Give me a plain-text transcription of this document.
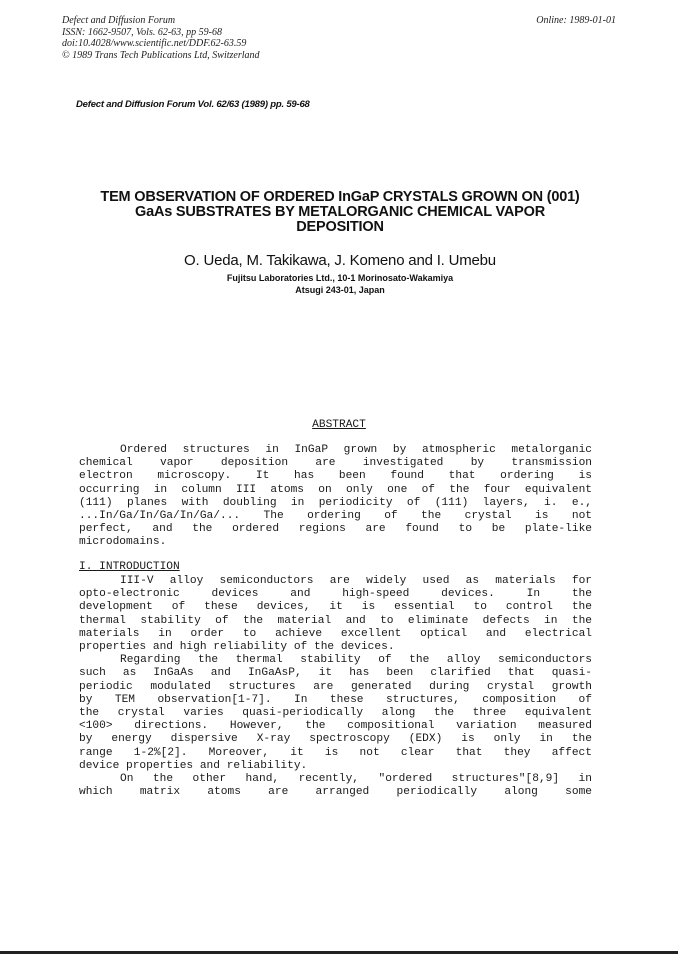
Defect and Diffusion Forum
ISSN: 1662-9507, Vols. 62-63, pp 59-68
doi:10.4028/www.scientific.net/DDF.62-63.59
© 1989 Trans Tech Publications Ltd, Switzerland
Online: 1989-01-01
Defect and Diffusion Forum Vol. 62/63 (1989) pp. 59-68
TEM OBSERVATION OF ORDERED InGaP CRYSTALS GROWN ON (001)
GaAs SUBSTRATES BY METALORGANIC CHEMICAL VAPOR
DEPOSITION
O. Ueda, M. Takikawa, J. Komeno and I. Umebu
Fujitsu Laboratories Ltd., 10-1 Morinosato-Wakamiya
Atsugi 243-01, Japan
ABSTRACT
Ordered structures in InGaP grown by atmospheric metalorganic
chemical vapor deposition are investigated by transmission
electron microscopy. It has been found that ordering is
occurring in column III atoms on only one of the four equivalent
(111) planes with doubling in periodicity of (111) layers, i. e.,
...In/Ga/In/Ga/In/Ga/... The ordering of the crystal is not
perfect, and the ordered regions are found to be plate-like
microdomains.
I. INTRODUCTION
III-V alloy semiconductors are widely used as materials for
opto-electronic devices and high-speed devices. In the
development of these devices, it is essential to control the
thermal stability of the material and to eliminate defects in the
materials in order to achieve excellent optical and electrical
properties and high reliability of the devices.
Regarding the thermal stability of the alloy semiconductors
such as InGaAs and InGaAsP, it has been clarified that quasi-
periodic modulated structures are generated during crystal growth
by TEM observation[1-7]. In these structures, composition of
the crystal varies quasi-periodically along the three equivalent
<100> directions. However, the compositional variation measured
by energy dispersive X-ray spectroscopy (EDX) is only in the
range 1-2%[2]. Moreover, it is not clear that they affect
device properties and reliability.
On the other hand, recently, "ordered structures"[8,9] in
which matrix atoms are arranged periodically along some
